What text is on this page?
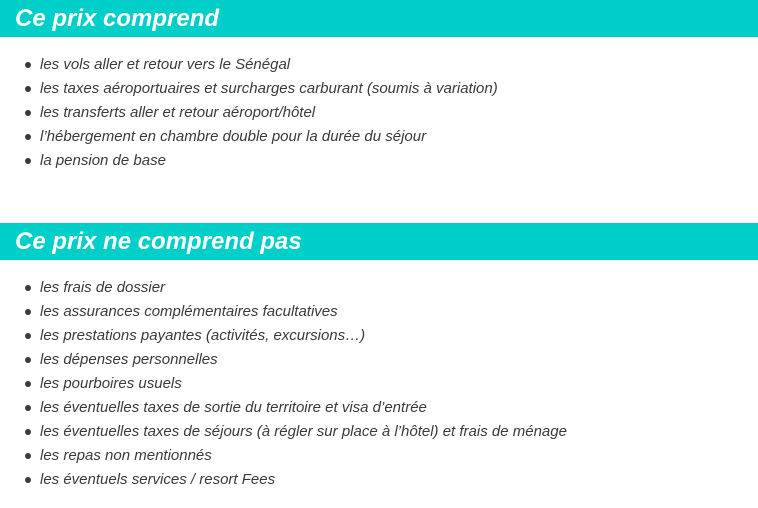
Ce prix comprend
les vols aller et retour vers le Sénégal
les taxes aéroportuaires et surcharges carburant (soumis à variation)
les transferts aller et retour aéroport/hôtel
l’hébergement en chambre double pour la durée du séjour
la pension de base
Ce prix ne comprend pas
les frais de dossier
les assurances complémentaires facultatives
les prestations payantes (activités, excursions…)
les dépenses personnelles
les pourboires usuels
les éventuelles taxes de sortie du territoire et visa d’entrée
les éventuelles taxes de séjours (à régler sur place à l’hôtel) et frais de ménage
les repas non mentionnés
les éventuels services / resort Fees
